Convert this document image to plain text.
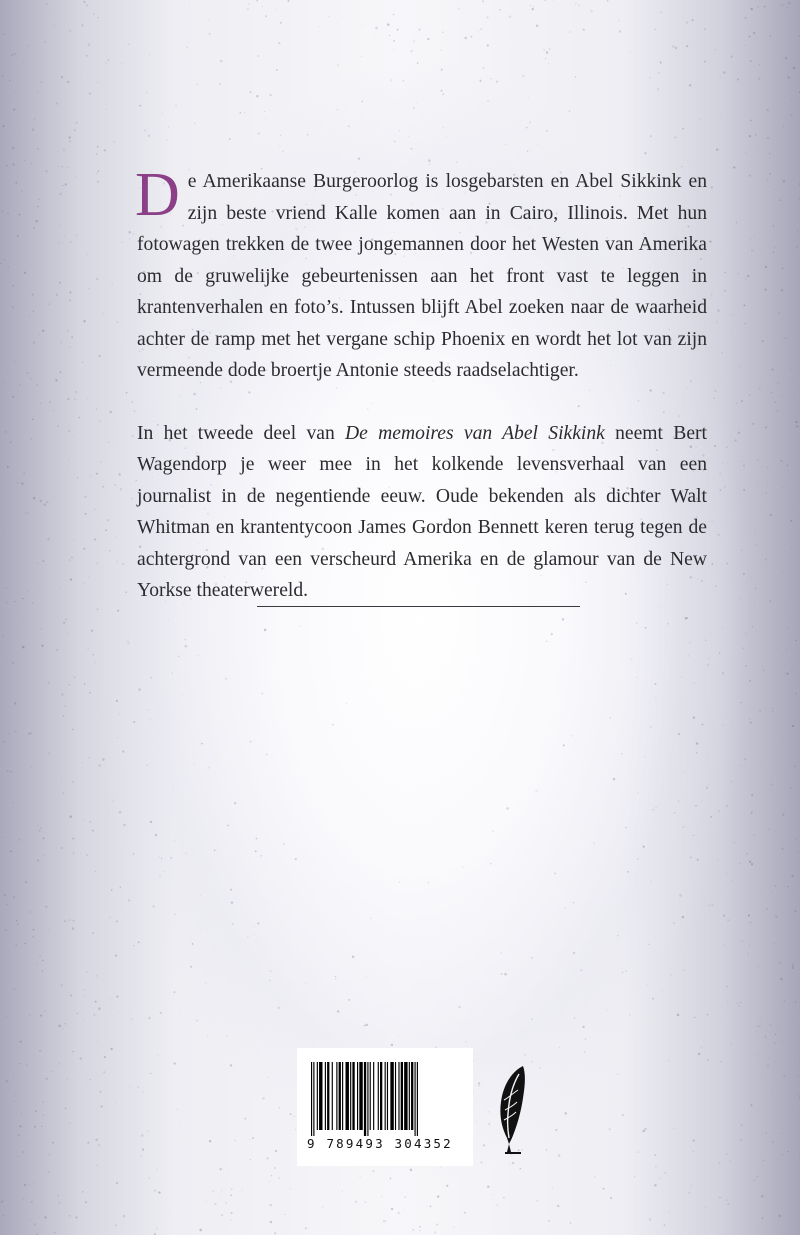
De Amerikaanse Burgeroorlog is losgebarsten en Abel Sikkink en zijn beste vriend Kalle komen aan in Cairo, Illinois. Met hun fotowagen trekken de twee jongemannen door het Westen van Amerika om de gruwelijke gebeurtenissen aan het front vast te leggen in krantenverhalen en foto’s. Intussen blijft Abel zoeken naar de waarheid achter de ramp met het vergane schip Phoenix en wordt het lot van zijn vermeende dode broertje Antonie steeds raadselachtiger.

In het tweede deel van De memoires van Abel Sikkink neemt Bert Wagendorp je weer mee in het kolkende levensverhaal van een journalist in de negentiende eeuw. Oude bekenden als dichter Walt Whitman en krantentycoon James Gordon Bennett keren terug tegen de achtergrond van een verscheurd Amerika en de glamour van de New Yorkse theaterwereld.

9 789493 304352
